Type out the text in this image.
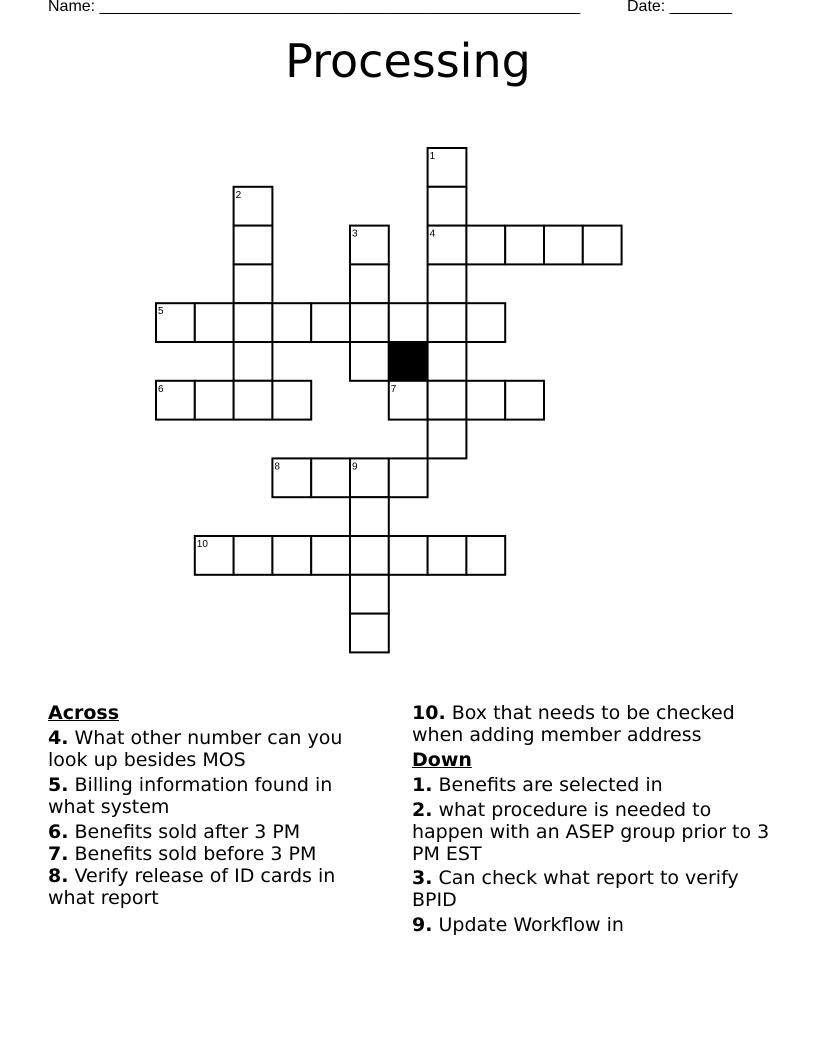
Name: ______________________________________________________	Date: _______
Processing
1
2
3	4
5
6	7
8	9
10
Across
4. What other number can you look up besides MOS
5. Billing information found in what system
6. Benefits sold after 3 PM
7. Benefits sold before 3 PM
8. Verify release of ID cards in what report
10. Box that needs to be checked when adding member address
Down
1. Benefits are selected in
2. what procedure is needed to happen with an ASEP group prior to 3 PM EST
3. Can check what report to verify BPID
9. Update Workflow in
